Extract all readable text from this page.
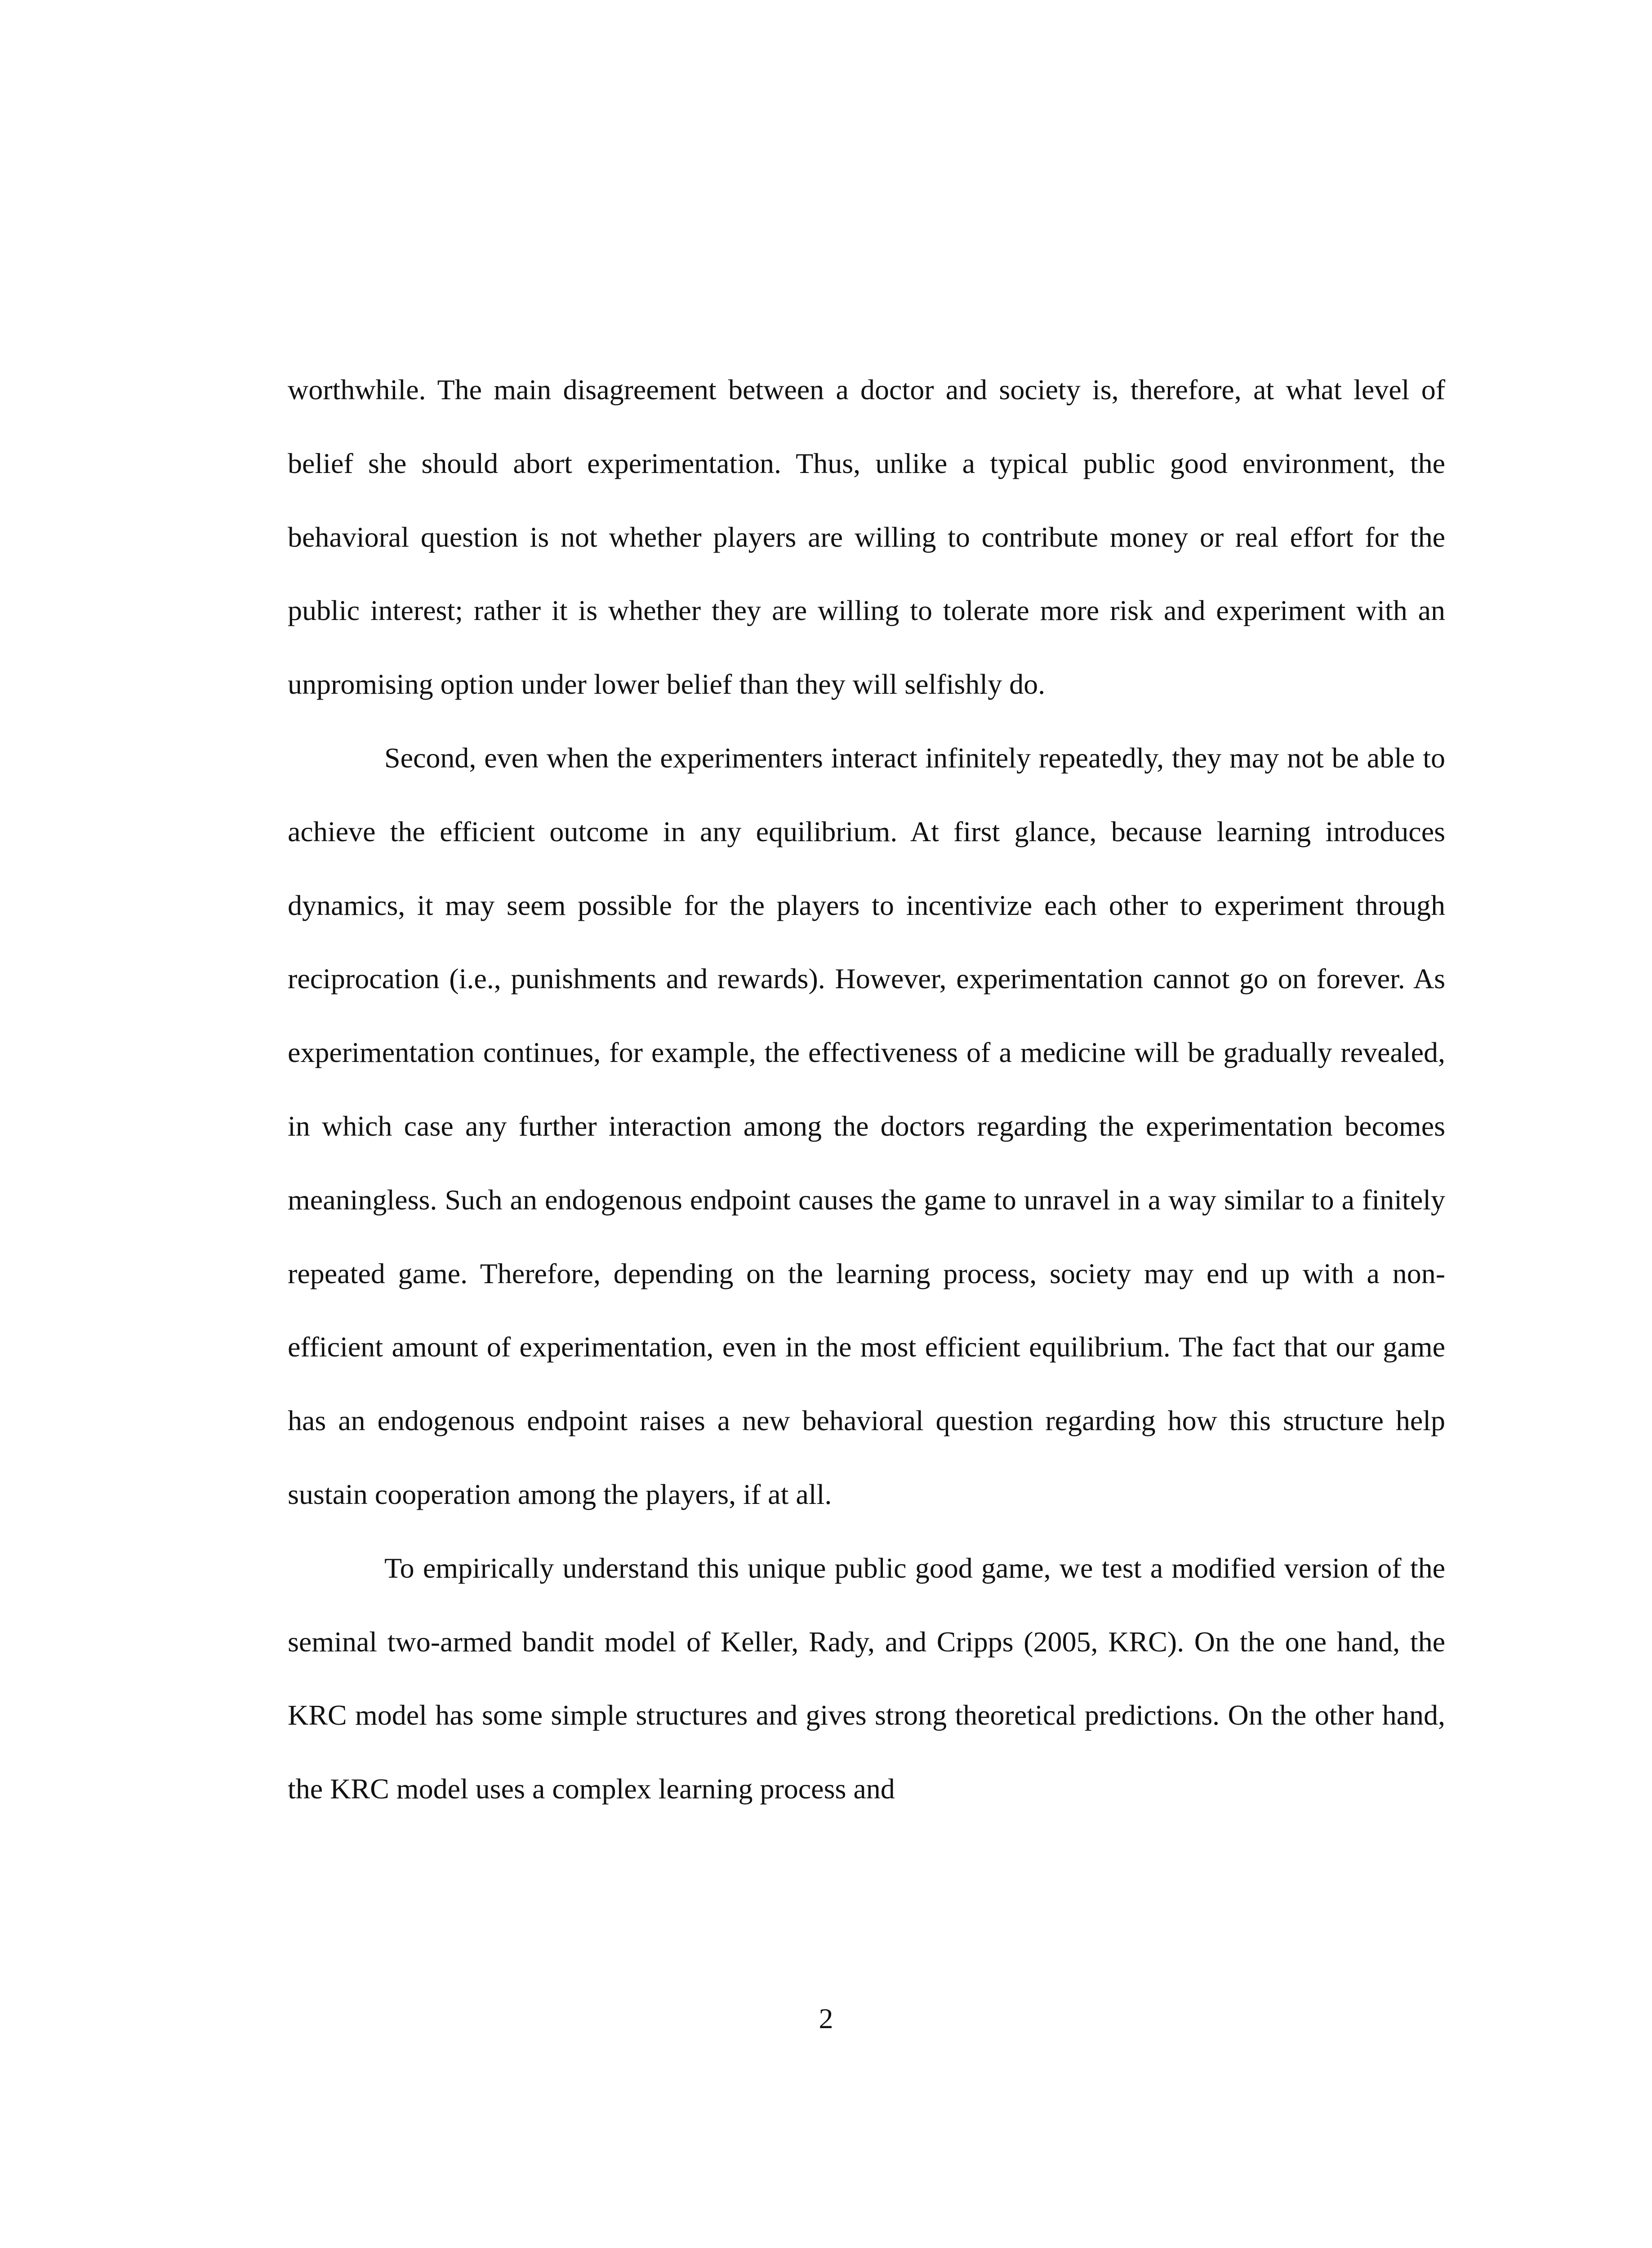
worthwhile. The main disagreement between a doctor and society is, therefore, at what level of belief she should abort experimentation. Thus, unlike a typical public good environment, the behavioral question is not whether players are willing to contribute money or real effort for the public interest; rather it is whether they are willing to tolerate more risk and experiment with an unpromising option under lower belief than they will selfishly do.

Second, even when the experimenters interact infinitely repeatedly, they may not be able to achieve the efficient outcome in any equilibrium. At first glance, because learning introduces dynamics, it may seem possible for the players to incentivize each other to experiment through reciprocation (i.e., punishments and rewards). However, experimentation cannot go on forever. As experimentation continues, for example, the effectiveness of a medicine will be gradually revealed, in which case any further interaction among the doctors regarding the experimentation becomes meaningless. Such an endogenous endpoint causes the game to unravel in a way similar to a finitely repeated game. Therefore, depending on the learning process, society may end up with a non-efficient amount of experimentation, even in the most efficient equilibrium. The fact that our game has an endogenous endpoint raises a new behavioral question regarding how this structure help sustain cooperation among the players, if at all.

To empirically understand this unique public good game, we test a modified version of the seminal two-armed bandit model of Keller, Rady, and Cripps (2005, KRC). On the one hand, the KRC model has some simple structures and gives strong theoretical predictions. On the other hand, the KRC model uses a complex learning process and

2
